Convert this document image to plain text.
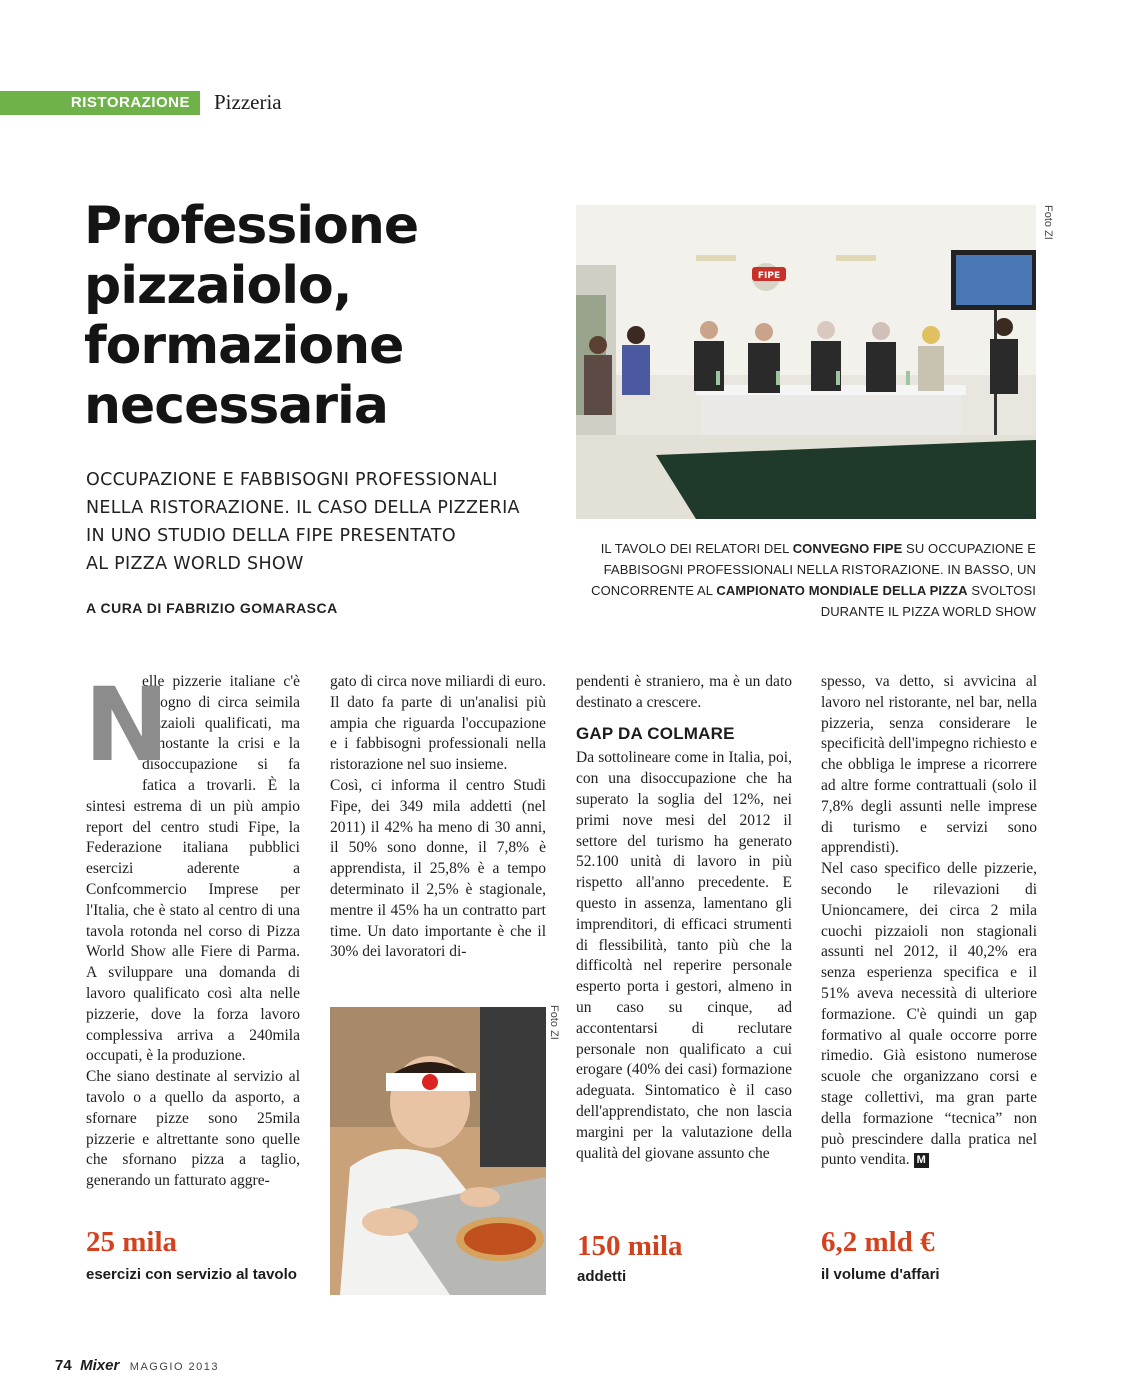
RISTORAZIONE Pizzeria
Professione
pizzaiolo,
formazione
necessaria
OCCUPAZIONE E FABBISOGNI PROFESSIONALI
NELLA RISTORAZIONE. IL CASO DELLA PIZZERIA
IN UNO STUDIO DELLA FIPE PRESENTATO
AL PIZZA WORLD SHOW
A CURA DI FABRIZIO GOMARASCA
FIPE
Foto ZI
IL TAVOLO DEI RELATORI DEL CONVEGNO FIPE SU OCCUPAZIONE E FABBISOGNI PROFESSIONALI NELLA RISTORAZIONE. IN BASSO, UN CONCORRENTE AL CAMPIONATO MONDIALE DELLA PIZZA SVOLTOSI DURANTE IL PIZZA WORLD SHOW

N
elle pizzerie italiane c'è bisogno di circa seimila pizzaioli qualificati, ma nonostante la crisi e la disoccupazione si fa fatica a trovarli. È la sintesi estrema di un più ampio report del centro studi Fipe, la Federazione italiana pubblici esercizi aderente a Confcommercio Imprese per l'Italia, che è stato al centro di una tavola rotonda nel corso di Pizza World Show alle Fiere di Parma. A sviluppare una domanda di lavoro qualificato così alta nelle pizzerie, dove la forza lavoro complessiva arriva a 240mila occupati, è la produzione.

Che siano destinate al servizio al tavolo o a quello da asporto, a sfornare pizze sono 25mila pizzerie e altrettante sono quelle che sfornano pizza a taglio, generando un fatturato aggre-

gato di circa nove miliardi di euro. Il dato fa parte di un'analisi più ampia che riguarda l'occupazione e i fabbisogni professionali nella ristorazione nel suo insieme.

Così, ci informa il centro Studi Fipe, dei 349 mila addetti (nel 2011) il 42% ha meno di 30 anni, il 50% sono donne, il 7,8% è apprendista, il 25,8% è a tempo determinato il 2,5% è stagionale, mentre il 45% ha un contratto part time. Un dato importante è che il 30% dei lavoratori di-

Foto ZI

pendenti è straniero, ma è un dato destinato a crescere.

GAP DA COLMARE

Da sottolineare come in Italia, poi, con una disoccupazione che ha superato la soglia del 12%, nei primi nove mesi del 2012 il settore del turismo ha generato 52.100 unità di lavoro in più rispetto all'anno precedente. E questo in assenza, lamentano gli imprenditori, di efficaci strumenti di flessibilità, tanto più che la difficoltà nel reperire personale esperto porta i gestori, almeno in un caso su cinque, ad accontentarsi di reclutare personale non qualificato a cui erogare (40% dei casi) formazione adeguata. Sintomatico è il caso dell'apprendistato, che non lascia margini per la valutazione della qualità del giovane assunto che

spesso, va detto, si avvicina al lavoro nel ristorante, nel bar, nella pizzeria, senza considerare le specificità dell'impegno richiesto e che obbliga le imprese a ricorrere ad altre forme contrattuali (solo il 7,8% degli assunti nelle imprese di turismo e servizi sono apprendisti).

Nel caso specifico delle pizzerie, secondo le rilevazioni di Unioncamere, dei circa 2 mila cuochi pizzaioli non stagionali assunti nel 2012, il 40,2% era senza esperienza specifica e il 51% aveva necessità di ulteriore formazione. C'è quindi un gap formativo al quale occorre porre rimedio. Già esistono numerose scuole che organizzano corsi e stage collettivi, ma gran parte della formazione “tecnica” non può prescindere dalla pratica nel punto vendita. M

25 mila
esercizi con servizio al tavolo
150 mila
addetti
6,2 mld €
il volume d'affari
74 Mixer MAGGIO 2013
